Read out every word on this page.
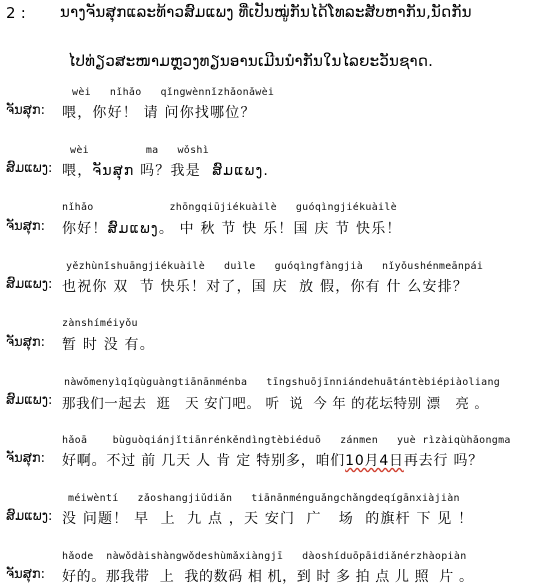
2 : ນາງຈັນສຸກແລະທ້າວສົມແພງ ທີ່ເປັນໝູ່ກັນໄດ້ໂທລະສັບຫາກັນ,ນັດກັນ
ໄປທ່ຽວສະໜາມຫຼວງທຽນອານເມີນນຳກັນໃນໄລຍະວັນຊາດ.
wèi   nǐhǎo   qǐngwènnǐzhǎonǎwèi
ຈັນສຸກ: 喂，你好！ 请 问你找哪位？
wèi         ma   wǒshì
ສົມແພງ: 喂，ຈັນສຸກ 吗？我是  ສົມແພງ.
nǐhǎo            zhōngqiūjiékuàilè   guóqìngjiékuàilè
ຈັນສຸກ: 你好！ສົມແພງ。 中 秋 节 快 乐！国 庆 节 快乐！
yězhùnǐshuāngjiékuàilè   duìle   guóqìngfàngjià   nǐyǒushénmeānpái
ສົມແພງ: 也祝你 双  节 快乐！对了，国 庆  放 假，你有 什 么安排？
zànshíméiyǒu
ຈັນສຸກ: 暂 时 没 有。
nàwǒmenyìqǐqùguàngtiānānménba   tīngshuōjīnniándehuātántèbiépiàoliang
ສົມແພງ: 那我们一起去  逛   天 安门吧。 听  说  今 年 的花坛特别 漂   亮 。
hǎoā    bùguòqiánjǐtiānrénkěndìngtèbiéduō   zánmen   yuè rìzàiqùhǎongma
ຈັນສຸກ: 好啊。不过 前 几天 人 肯 定 特别多，咱们10月4日再去行 吗？
méiwèntí   zǎoshangjiǔdiǎn   tiānānménguǎngchǎngdeqígānxiàjiàn
ສົມແພງ: 没 问题！ 早  上  九 点 ，天 安门  广   场  的旗杆 下 见 ！
hǎode  nàwǒdàishàngwǒdeshùmǎxiàngjī   dàoshíduōpāidiǎnérzhàopiàn
ຈັນສຸກ: 好的。那我带  上  我的数码 相 机，到 时 多 拍 点 儿 照  片 。
